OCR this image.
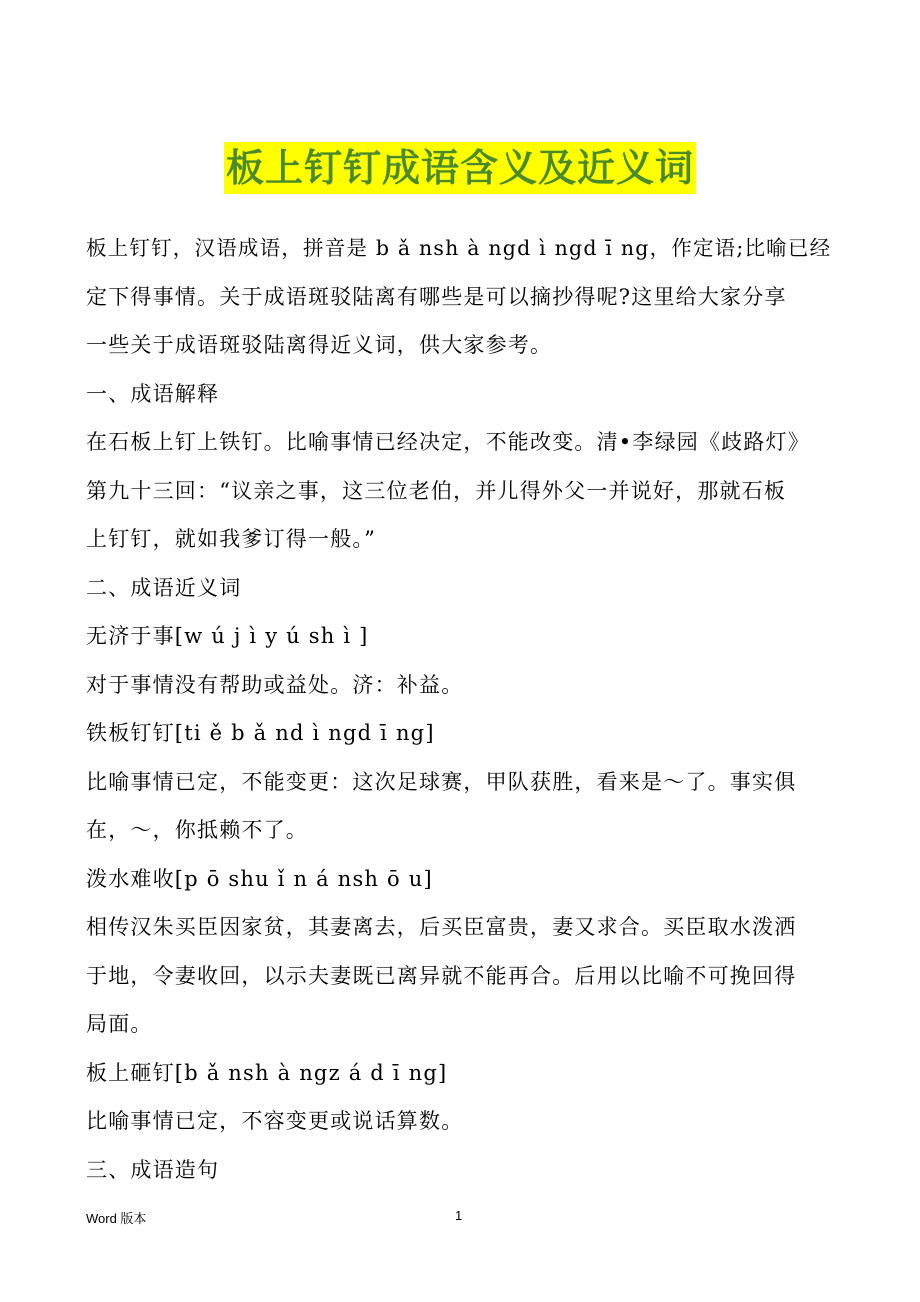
板上钉钉成语含义及近义词
板上钉钉，汉语成语，拼音是 b ǎ nsh à ngd ì ngd ī ng，作定语;比喻已经
定下得事情。关于成语斑驳陆离有哪些是可以摘抄得呢?这里给大家分享
一些关于成语斑驳陆离得近义词，供大家参考。
一、成语解释
在石板上钉上铁钉。比喻事情已经决定，不能改变。清•李绿园《歧路灯》
第九十三回：“议亲之事，这三位老伯，并儿得外父一并说好，那就石板
上钉钉，就如我爹订得一般。”
二、成语近义词
无济于事[w ú j ì y ú sh ì ]
对于事情没有帮助或益处。济：补益。
铁板钉钉[ti ě b ǎ nd ì ngd ī ng]
比喻事情已定，不能变更：这次足球赛，甲队获胜，看来是～了。事实俱
在，～，你抵赖不了。
泼水难收[p ō shu ǐ n á nsh ō u]
相传汉朱买臣因家贫，其妻离去，后买臣富贵，妻又求合。买臣取水泼洒
于地，令妻收回，以示夫妻既已离异就不能再合。后用以比喻不可挽回得
局面。
板上砸钉[b ǎ nsh à ngz á d ī ng]
比喻事情已定，不容变更或说话算数。
三、成语造句
Word 版本	1
